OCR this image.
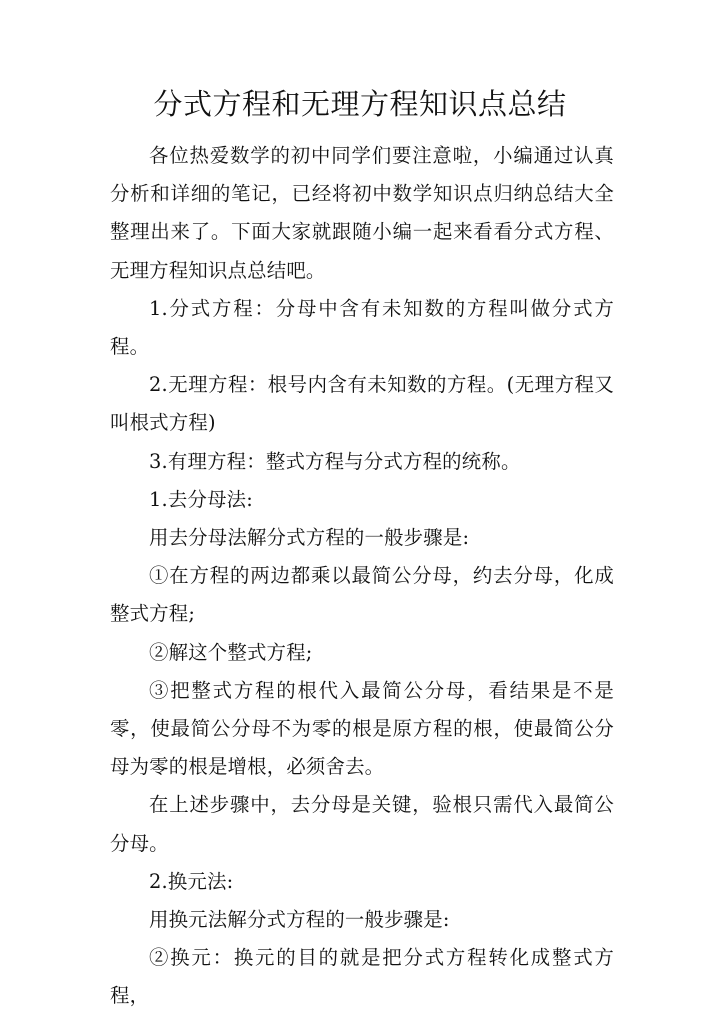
分式方程和无理方程知识点总结

各位热爱数学的初中同学们要注意啦，小编通过认真分析和详细的笔记，已经将初中数学知识点归纳总结大全整理出来了。下面大家就跟随小编一起来看看分式方程、无理方程知识点总结吧。

1.分式方程：分母中含有未知数的方程叫做分式方程。

2.无理方程：根号内含有未知数的方程。(无理方程又叫根式方程)

3.有理方程：整式方程与分式方程的统称。

1.去分母法:

用去分母法解分式方程的一般步骤是:

①在方程的两边都乘以最简公分母，约去分母，化成整式方程;

②解这个整式方程;

③把整式方程的根代入最简公分母，看结果是不是零，使最简公分母不为零的根是原方程的根，使最简公分母为零的根是增根，必须舍去。

在上述步骤中，去分母是关键，验根只需代入最简公分母。

2.换元法:

用换元法解分式方程的一般步骤是:

②换元：换元的目的就是把分式方程转化成整式方程，
